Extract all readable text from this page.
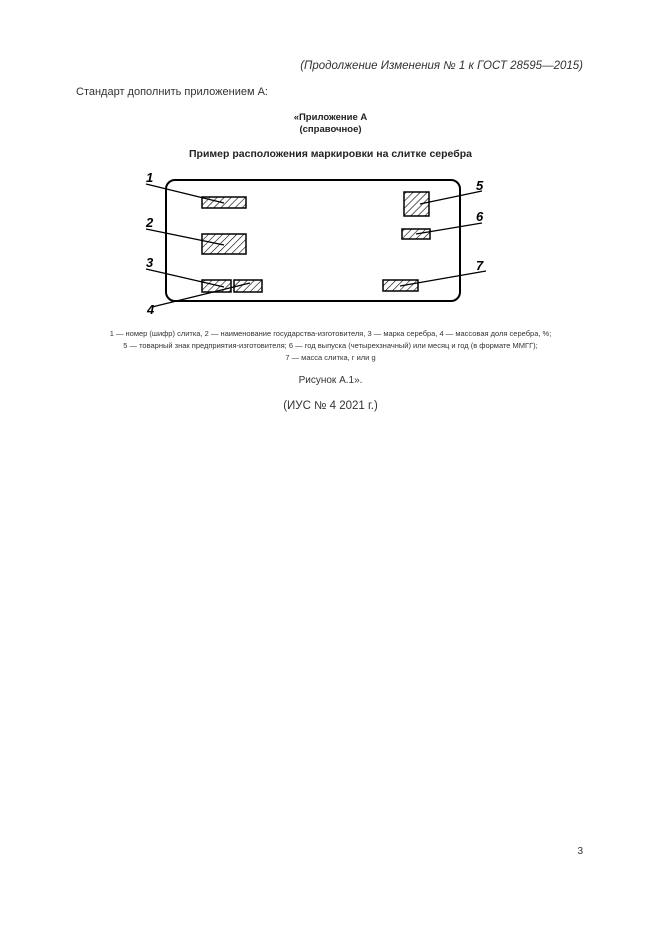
(Продолжение Изменения № 1 к ГОСТ 28595—2015)
Стандарт дополнить приложением А:
«Приложение А
(справочное)
Пример расположения маркировки на слитке серебра
1
2
3
4
5
6
7
1 — номер (шифр) слитка, 2 — наименование государства-изготовителя, 3 — марка серебра, 4 — массовая доля серебра, %;
5 — товарный знак предприятия-изготовителя; 6 — год выпуска (четырехзначный) или месяц и год (в формате ММГГ);
7 — масса слитка, г или g
Рисунок А.1».
(ИУС № 4 2021 г.)
3
